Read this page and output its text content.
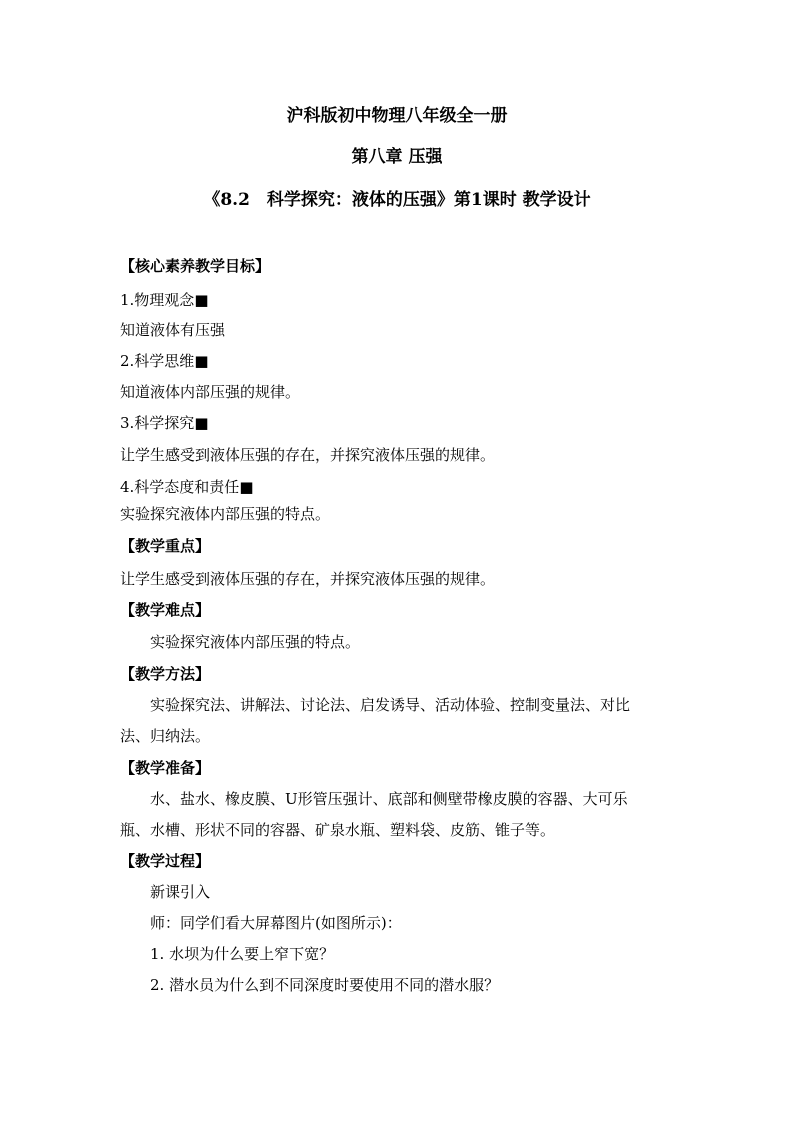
沪科版初中物理八年级全一册
第八章 压强
《8.2　科学探究：液体的压强》第1课时 教学设计
【核心素养教学目标】
1.物理观念■
知道液体有压强
2.科学思维■
知道液体内部压强的规律。
3.科学探究■
让学生感受到液体压强的存在，并探究液体压强的规律。
4.科学态度和责任■
实验探究液体内部压强的特点。
【教学重点】
让学生感受到液体压强的存在，并探究液体压强的规律。
【教学难点】
实验探究液体内部压强的特点。
【教学方法】
实验探究法、讲解法、讨论法、启发诱导、活动体验、控制变量法、对比
法、归纳法。
【教学准备】
水、盐水、橡皮膜、U形管压强计、底部和侧壁带橡皮膜的容器、大可乐
瓶、水槽、形状不同的容器、矿泉水瓶、塑料袋、皮筋、锥子等。
【教学过程】
新课引入
师：同学们看大屏幕图片(如图所示)：
1. 水坝为什么要上窄下宽？
2. 潜水员为什么到不同深度时要使用不同的潜水服？
